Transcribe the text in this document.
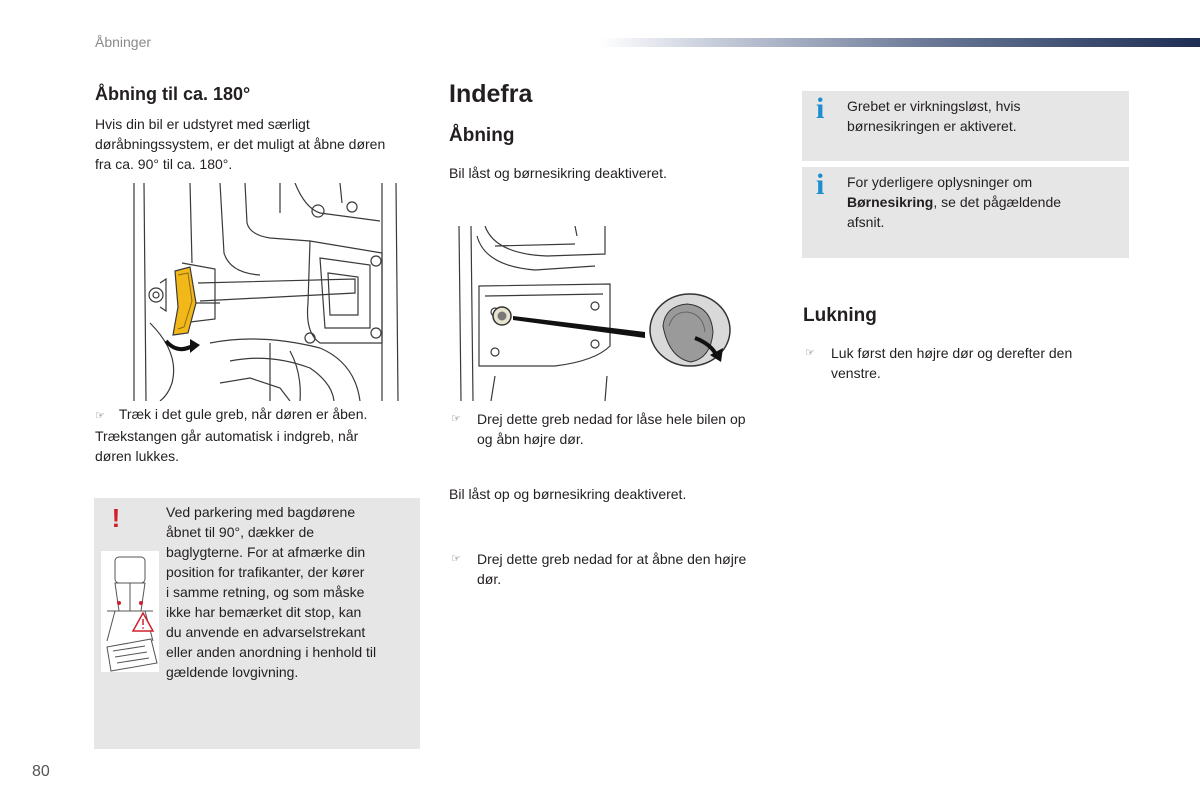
Åbninger
Åbning til ca. 180°
Hvis din bil er udstyret med særligt
døråbningssystem, er det muligt at åbne døren
fra ca. 90° til ca. 180°.
☞ Træk i det gule greb, når døren er åben.
Trækstangen går automatisk i indgreb, når
døren lukkes.
!	Ved parkering med bagdørene
åbnet til 90°, dækker de
baglygterne. For at afmærke din
position for trafikanter, der kører
i samme retning, og som måske
ikke har bemærket dit stop, kan
du anvende en advarselstrekant
eller anden anordning i henhold til
gældende lovgivning.
Indefra
Åbning
Bil låst og børnesikring deaktiveret.
☞ Drej dette greb nedad for låse hele bilen op
og åbn højre dør.
Bil låst op og børnesikring deaktiveret.
☞ Drej dette greb nedad for at åbne den højre
dør.
i Grebet er virkningsløst, hvis
børnesikringen er aktiveret.
i For yderligere oplysninger om
Børnesikring, se det pågældende
afsnit.
Lukning
☞ Luk først den højre dør og derefter den
venstre.
80
